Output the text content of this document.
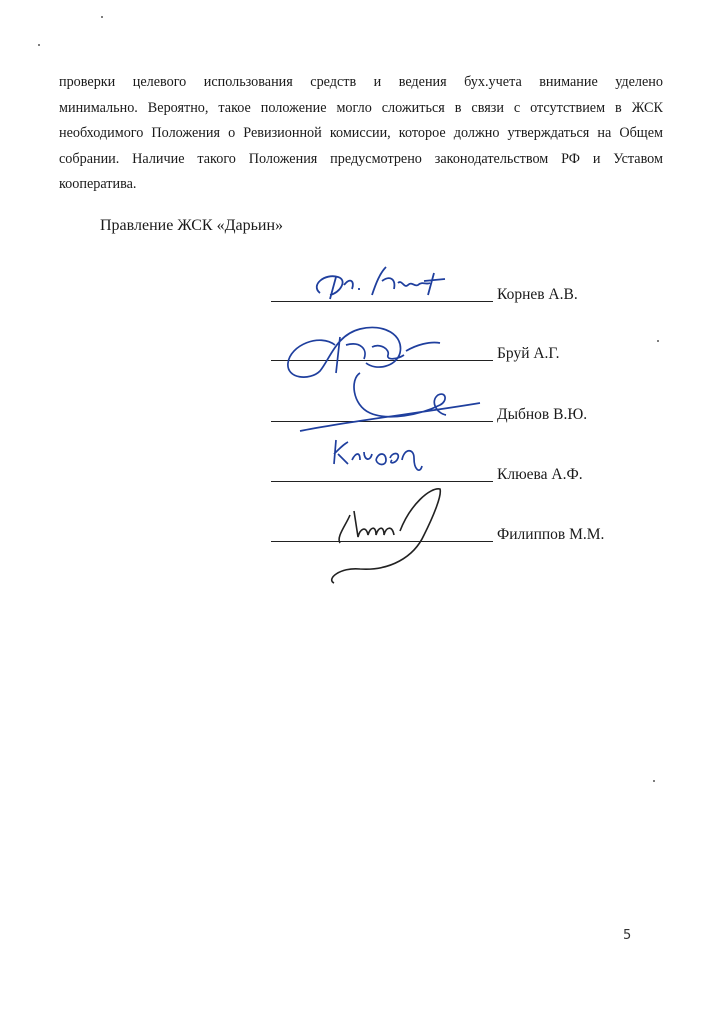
проверки целевого использования средств и ведения бух.учета внимание уделено
минимально. Вероятно, такое положение могло сложиться в связи с отсутствием в ЖСК
необходимого Положения о Ревизионной комиссии, которое должно утверждаться на Общем
собрании. Наличие такого Положения предусмотрено законодательством РФ и Уставом
кооператива.
Правление ЖСК «Дарьин»
Корнев А.В.
Бруй А.Г.
Дыбнов В.Ю.
Клюева А.Ф.
Филиппов М.М.
5
